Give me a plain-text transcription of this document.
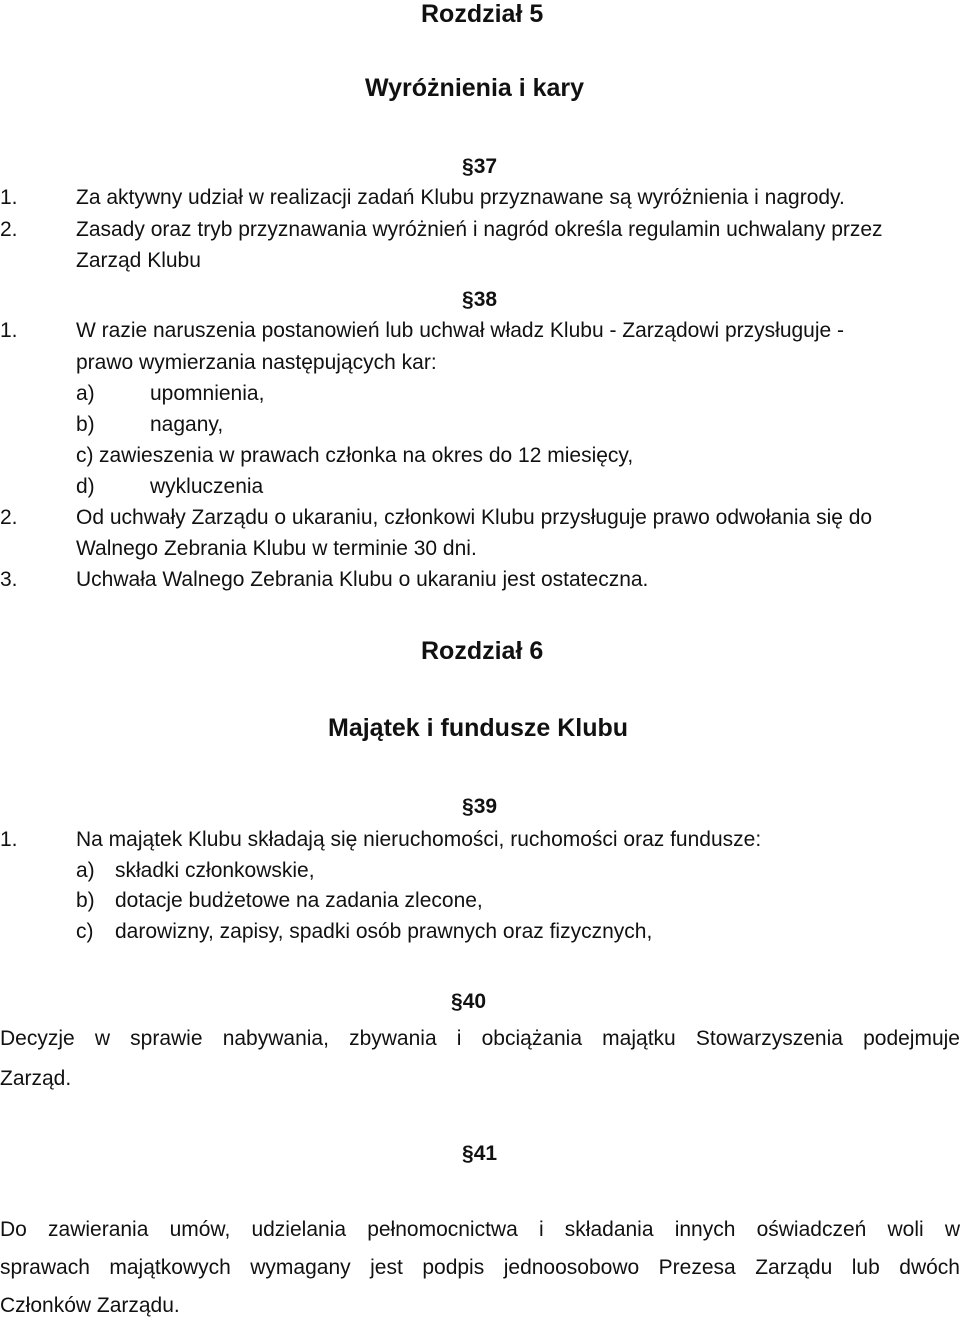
Rozdział 5
Wyróżnienia i kary
§37
1.	Za aktywny udział w realizacji zadań Klubu przyznawane są wyróżnienia i nagrody.
2.	Zasady oraz tryb przyznawania wyróżnień i nagród określa regulamin uchwalany przez
Zarząd Klubu
§38
1.	W razie naruszenia postanowień lub uchwał władz Klubu - Zarządowi przysługuje -
prawo wymierzania następujących kar:
a)	upomnienia,
b)	nagany,
c) zawieszenia w prawach członka na okres do 12 miesięcy,
d)	wykluczenia
2.	Od uchwały Zarządu o ukaraniu, członkowi Klubu przysługuje prawo odwołania się do
Walnego Zebrania Klubu w terminie 30 dni.
3.	Uchwała Walnego Zebrania Klubu o ukaraniu jest ostateczna.
Rozdział 6
Majątek i fundusze Klubu
§39
1.	Na majątek Klubu składają się nieruchomości, ruchomości oraz fundusze:
a) składki członkowskie,
b) dotacje budżetowe na zadania zlecone,
c) darowizny, zapisy, spadki osób prawnych oraz fizycznych,
§40
Decyzje w sprawie nabywania, zbywania i obciążania majątku Stowarzyszenia podejmuje
Zarząd.
§41
Do zawierania umów, udzielania pełnomocnictwa i składania innych oświadczeń woli w
sprawach majątkowych wymagany jest podpis jednoosobowo Prezesa Zarządu lub dwóch
Członków Zarządu.
